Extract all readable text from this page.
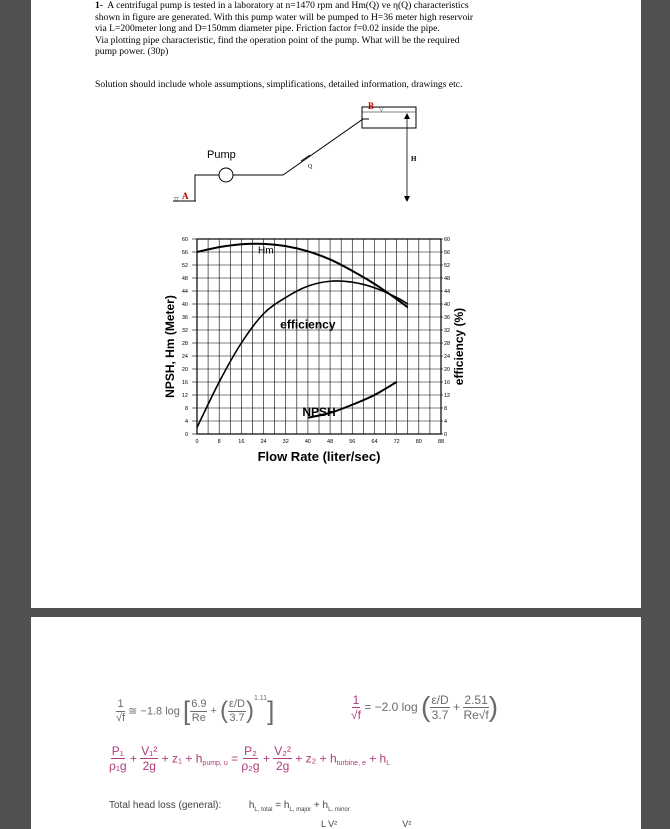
1- A centrifugal pump is tested in a laboratory at n=1470 rpm and Hm(Q) ve η(Q) characteristics
shown in figure are generated. With this pump water will be pumped to H=36 meter high reservoir
via L=200meter long and D=150mm diameter pipe. Friction factor f=0.02 inside the pipe.
Via plotting pipe characteristic, find the operation point of the pump. What will be the required
pump power. (30p)
Solution should include whole assumptions, simplifications, detailed information, drawings etc.
A
▽
Pump
Q
B ▽
H
0
4
8
12
16
20
24
28
32
36
40
44
48
52
56
60
0
4
8
12
16
20
24
28
32
36
40
44
48
52
56
60
0	8	16	24	32	40	48	56	64	72	80	88
Hm
efficiency
NPSH
Flow Rate (liter/sec)
NPSH, Hm (Meter)	efficiency (%)
$\frac{1}{√f}$ ≅ −1.8 log [ $\frac{6.9}{Re}$ + ( $\frac{\varepsilon/D}{3.7} )^{1.11}$]	$\frac{1}{√f} = -2.0$ log ( $\frac{\varepsilon/D}{3.7} + \frac{2.51}{Re√f}$ )
$\frac{\text{P₁}}{\text{ρ₁g}} + \frac{\text{V₁²}}{2g} + z_1 + h_{pump, u} = \frac{\text{P₂}}{\text{ρ₂g}} + \frac{\text{V₂²}}{2g} + z_2 + h_{turbine, e} + h_L$
Total head loss (general):	$h_{L, total} = h_{L, major} + h_{L, minor}$
L V²	V²
